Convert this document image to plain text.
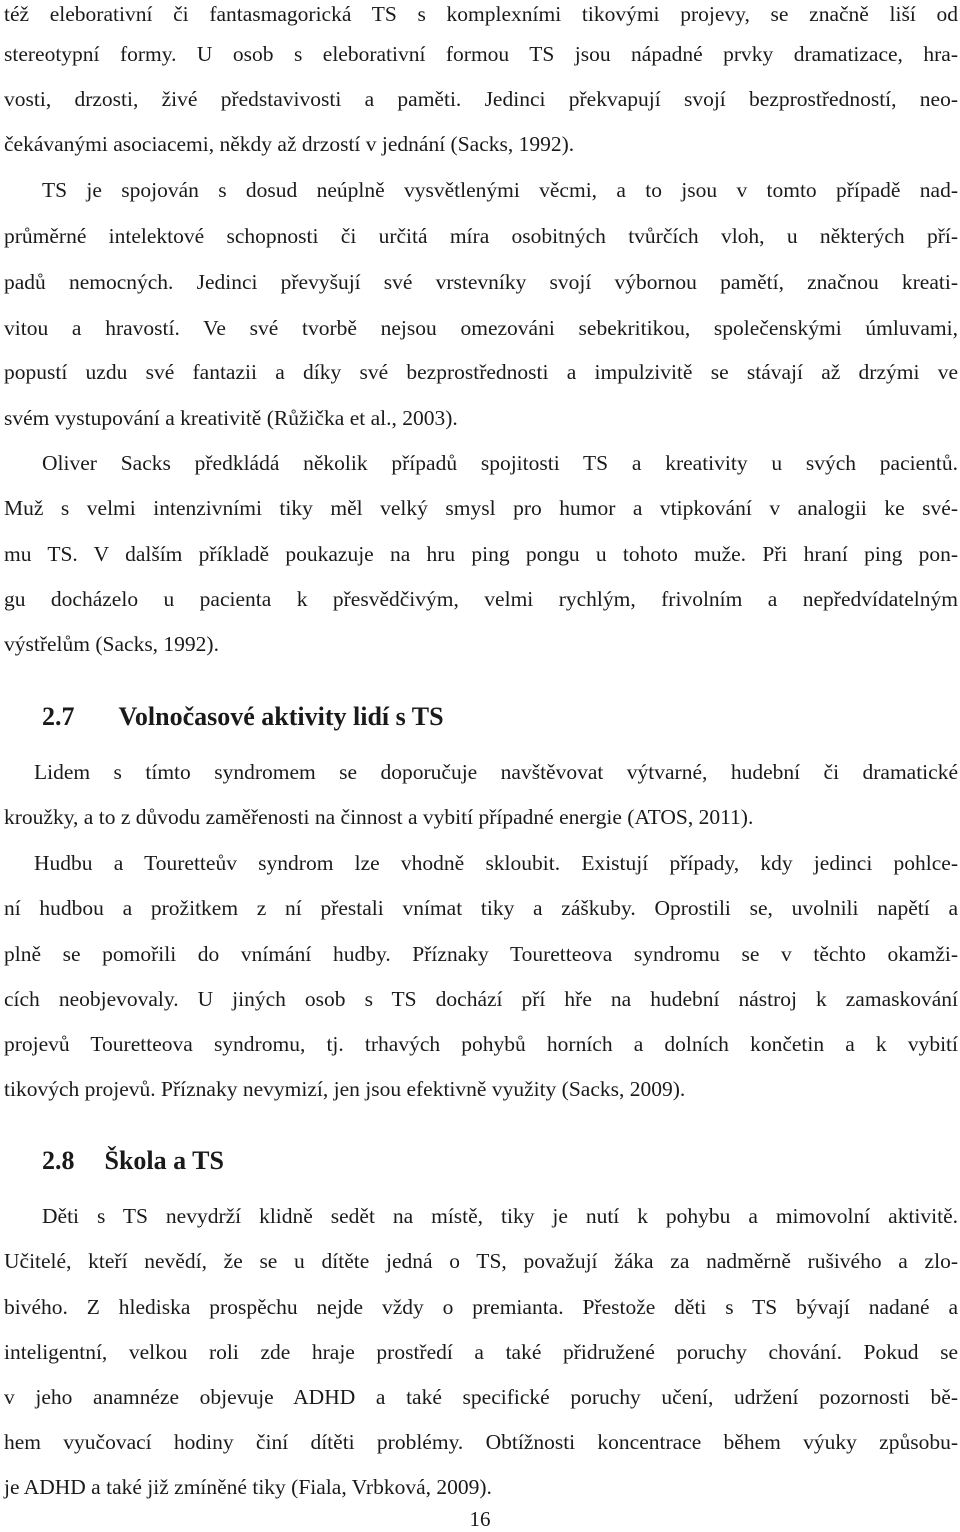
též eleborativní či fantasmagorická TS s komplexními tikovými projevy, se značně liší od
stereotypní formy. U osob s eleborativní formou TS jsou nápadné prvky dramatizace, hra-
vosti, drzosti, živé představivosti a paměti. Jedinci překvapují svojí bezprostředností, neo-
čekávanými asociacemi, někdy až drzostí v jednání (Sacks, 1992).
TS je spojován s dosud neúplně vysvětlenými věcmi, a to jsou v tomto případě nad-
průměrné intelektové schopnosti či určitá míra osobitných tvůrčích vloh, u některých pří-
padů nemocných. Jedinci převyšují své vrstevníky svojí výbornou pamětí, značnou kreati-
vitou a hravostí. Ve své tvorbě nejsou omezováni sebekritikou, společenskými úmluvami,
popustí uzdu své fantazii a díky své bezprostřednosti a impulzivitě se stávají až drzými ve
svém vystupování a kreativitě (Růžička et al., 2003).
Oliver Sacks předkládá několik případů spojitosti TS a kreativity u svých pacientů.
Muž s velmi intenzivními tiky měl velký smysl pro humor a vtipkování v analogii ke své-
mu TS. V dalším příkladě poukazuje na hru ping pongu u tohoto muže. Při hraní ping pon-
gu docházelo u pacienta k přesvědčivým, velmi rychlým, frivolním a nepředvídatelným
výstřelům (Sacks, 1992).
2.7 Volnočasové aktivity lidí s TS
Lidem s tímto syndromem se doporučuje navštěvovat výtvarné, hudební či dramatické
kroužky, a to z důvodu zaměřenosti na činnost a vybití případné energie (ATOS, 2011).
Hudbu a Touretteův syndrom lze vhodně skloubit. Existují případy, kdy jedinci pohlce-
ní hudbou a prožitkem z ní přestali vnímat tiky a záškuby. Oprostili se, uvolnili napětí a
plně se pomořili do vnímání hudby. Příznaky Touretteova syndromu se v těchto okamži-
cích neobjevovaly. U jiných osob s TS dochází pří hře na hudební nástroj k zamaskování
projevů Touretteova syndromu, tj. trhavých pohybů horních a dolních končetin a k vybití
tikových projevů. Příznaky nevymizí, jen jsou efektivně využity (Sacks, 2009).
2.8 Škola a TS
Děti s TS nevydrží klidně sedět na místě, tiky je nutí k pohybu a mimovolní aktivitě.
Učitelé, kteří nevědí, že se u dítěte jedná o TS, považují žáka za nadměrně rušivého a zlo-
bivého. Z hlediska prospěchu nejde vždy o premianta. Přestože děti s TS bývají nadané a
inteligentní, velkou roli zde hraje prostředí a také přidružené poruchy chování. Pokud se
v jeho anamnéze objevuje ADHD a také specifické poruchy učení, udržení pozornosti bě-
hem vyučovací hodiny činí dítěti problémy. Obtížnosti koncentrace během výuky způsobu-
je ADHD a také již zmíněné tiky (Fiala, Vrbková, 2009).
16
